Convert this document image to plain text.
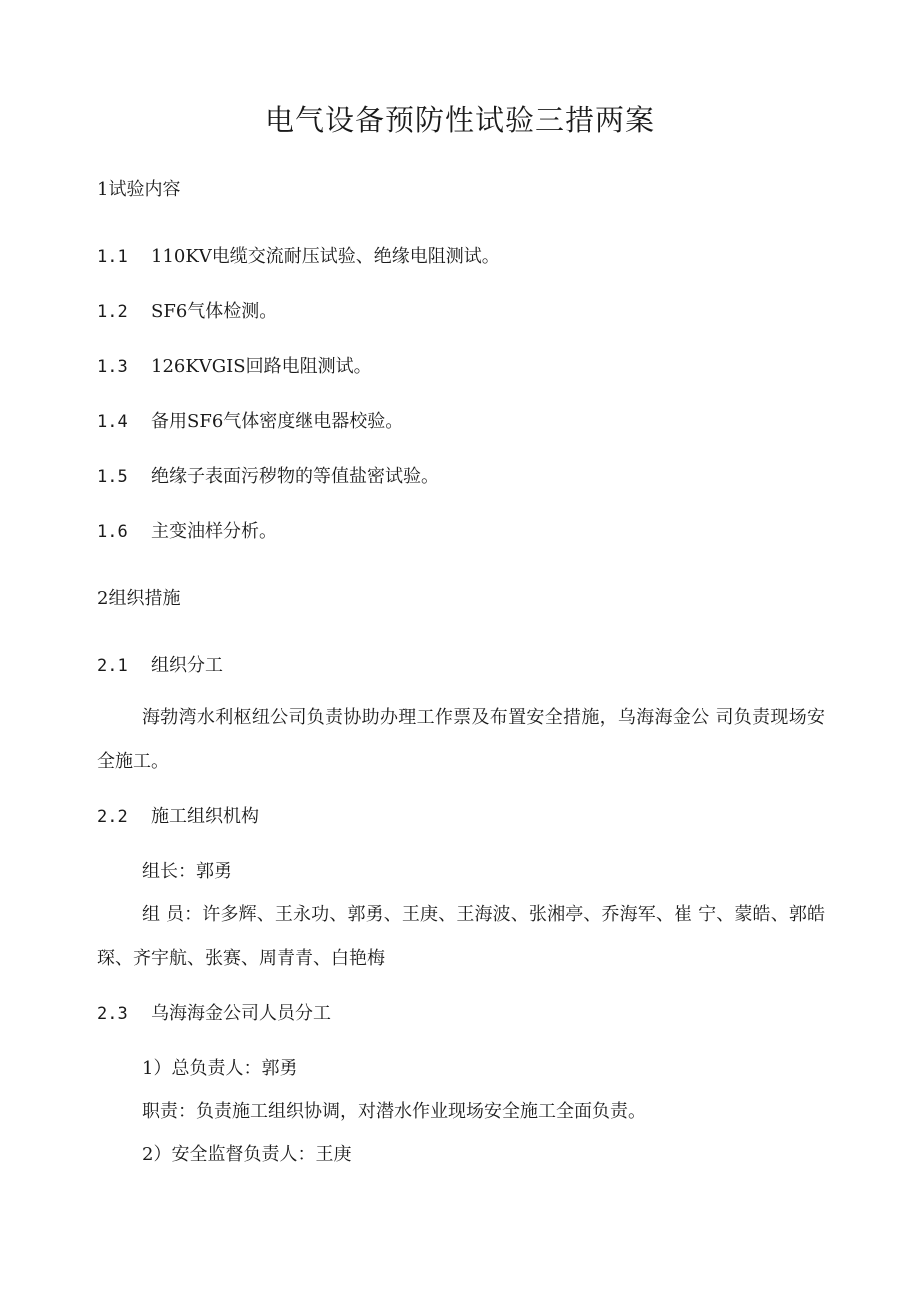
电气设备预防性试验三措两案
1试验内容
1.1 110KV电缆交流耐压试验、绝缘电阻测试。
1.2 SF6气体检测。
1.3 126KVGIS回路电阻测试。
1.4 备用SF6气体密度继电器校验。
1.5 绝缘子表面污秽物的等值盐密试验。
1.6 主变油样分析。
2组织措施
2.1 组织分工
海勃湾水利枢纽公司负责协助办理工作票及布置安全措施，乌海海金公 司负责现场安全施工。
2.2 施工组织机构
组长：郭勇
组 员：许多辉、王永功、郭勇、王庚、王海波、张湘亭、乔海军、崔 宁、蒙皓、郭皓琛、齐宇航、张赛、周青青、白艳梅
2.3 乌海海金公司人员分工
1）总负责人：郭勇
职责：负责施工组织协调，对潜水作业现场安全施工全面负责。
2）安全监督负责人：王庚
